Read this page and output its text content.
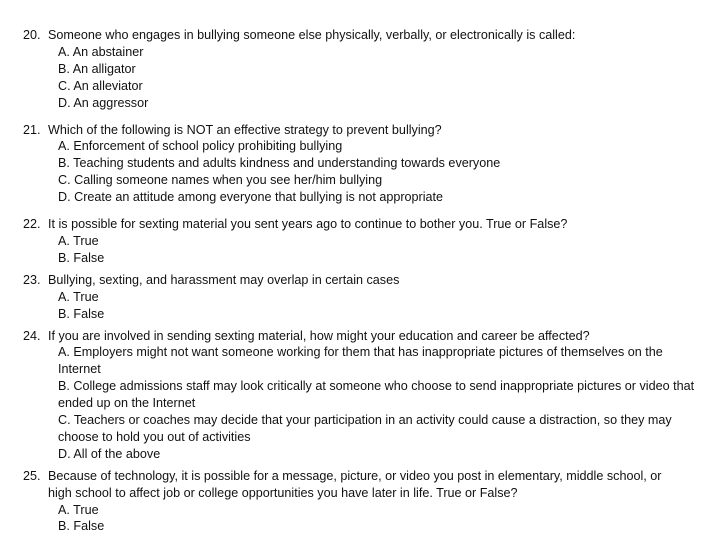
20. Someone who engages in bullying someone else physically, verbally, or electronically is called:
A. An abstainer
B. An alligator
C. An alleviator
D. An aggressor
21. Which of the following is NOT an effective strategy to prevent bullying?
A. Enforcement of school policy prohibiting bullying
B. Teaching students and adults kindness and understanding towards everyone
C. Calling someone names when you see her/him bullying
D. Create an attitude among everyone that bullying is not appropriate
22. It is possible for sexting material you sent years ago to continue to bother you. True or False?
A. True
B. False
23. Bullying, sexting, and harassment may overlap in certain cases
A. True
B. False
24. If you are involved in sending sexting material, how might your education and career be affected?
A. Employers might not want someone working for them that has inappropriate pictures of themselves on the Internet
B. College admissions staff may look critically at someone who choose to send inappropriate pictures or video that ended up on the Internet
C. Teachers or coaches may decide that your participation in an activity could cause a distraction, so they may choose to hold you out of activities
D. All of the above
25. Because of technology, it is possible for a message, picture, or video you post in elementary, middle school, or high school to affect job or college opportunities you have later in life. True or False?
A. True
B. False
